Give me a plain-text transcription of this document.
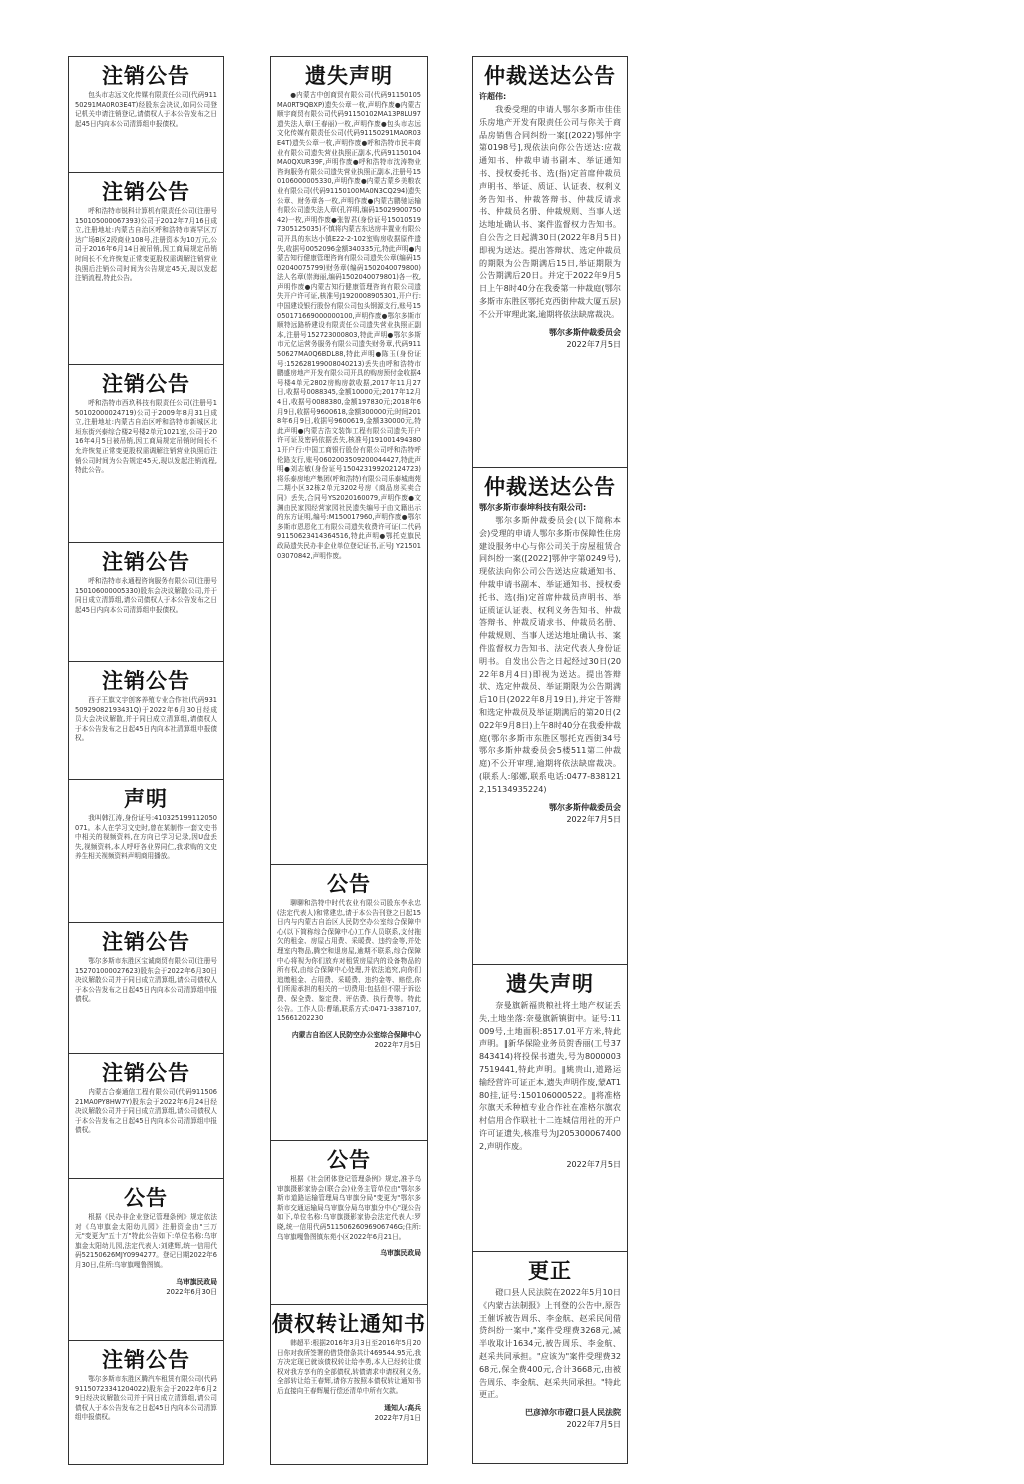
注销公告

包头市志远文化传媒有限责任公司(代码91150291MA0R03E4T)经股东会决议,如同公司登记机关申请注销登记,请债权人于本公告发布之日起45日内向本公司清算组申报债权。

注销公告

呼和浩特市锐科计算机有限责任公司(注册号150105000067393)公司于2012年7月16日成立,注册地址:内蒙古自治区呼和浩特市赛罕区万达广场B区2段商业108号,注册资本为10万元,公司于2016年6月14日被吊销,因工商局规定吊销时间长不允许恢复正常变更股权需调解注销营业执照后注销公司时间为公告规定45天,现以发起注销流程,特此公告。

注销公告

呼和浩特市西玖科技有限责任公司(注册号150102000024719)公司于2009年8月31日成立,注册地址:内蒙古自治区呼和浩特市新城区北垣东街兴泰综合楼2号楼2单元1021室,公司于2016年4月5日被吊销,因工商局规定吊销时间长不允许恢复正常变更股权需调解注销营业执照后注销公司时间为公告规定45天,现以发起注销流程,特此公告。

注销公告

呼和浩特市永通程咨询服务有限公司(注册号150106000005330)股东会决议解散公司,并于同日成立清算组,请公司债权人于本公告发布之日起45日内向本公司清算组申报债权。

注销公告

西子王旗文宇创客养殖专业合作社(代码93150929082193431Q)于2022年6月30日经成员大会决议解散,并于同日成立清算组,请债权人于本公告发布之日起45日内向本社清算组申报债权。

声明

我叫韩江涛,身份证号:410325199112050071。本人在学习文史时,曾在某制作一套文史书中相关的视频资料,在方向已学习记录,因U盘丢失,视频资料,本人呼吁各业界同仁,我求购的文史养生相关视频资料声明商用播放。

注销公告

鄂尔多斯市东胜区宝诚商贸有限公司(注册号152701000027623)股东会于2022年6月30日决议解散公司并于同日成立清算组,请公司债权人于本公告发布之日起45日内向本公司清算组申报债权。

注销公告

内蒙古合泰通信工程有限公司(代码91150621MA0PY8HW7Y)股东会于2022年6月24日经决议解散公司并于同日成立清算组,请公司债权人于本公告发布之日起45日内向本公司清算组申报债权。

公告

根据《民办非企业登记管理条例》规定依法对《乌审旗金太阳幼儿园》注册资金由"三万元"变更为"五十万"特此公告如下:单位名称:乌审旗金太阳幼儿园,法定代表人:刘建辉,统一信用代码52150626MJY0994277。登记日期2022年6月30日,住所:乌审旗嘎鲁图镇。

乌审旗民政局
2022年6月30日
注销公告

鄂尔多斯市东胜区腾汽车租赁有限公司(代码91150723341204022)股东会于2022年6月29日经决议解散公司并于同日成立清算组,请公司债权人于本公告发布之日起45日内向本公司清算组申报债权。

遗失声明

●内蒙古中创商贸有限公司(代码91150105MA0RT9QBXP)遗失公章一枚,声明作废●内蒙古顺宇商贸有限公司代码91150102MA13P8LU97遗失法人章(王春丽)一枚,声明作废●包头市志远文化传媒有限责任公司(代码91150291MA0R03E4T)遗失公章一枚,声明作废●呼和浩特市民丰商业有限公司遗失营业执照正副本,代码91150104MA0QXUR39F,声明作废●呼和浩特市沈涛物业咨询服务有限公司遗失营业执照正副本,注册号150106000005330,声明作废●内蒙古蒙乡美粮农业有限公司(代码91150100MA0N3CQ294)遗失公章、财务章各一枚,声明作废●内蒙古鹏驰运输有限公司遗失法人章(孔祥明,编码1502990075042)一枚,声明作废●张智君(身份证号150105197305125035)不慎将内蒙古东达房丰置业有限公司开具的东达小镇E22-2-102室购房收据原件遗失,收据号0052096金额340335元,特此声明●内蒙古知行健康管理咨询有限公司遗失公章(编码1502040075799)财务章(编码1502040079800)法人名章(崇海丽,编码1502040079801)各一枚,声明作废●内蒙古知行健康管理咨询有限公司遗失开户许可证,核准号J1920008905301,开户行:中国建设银行股份有限公司包头钢源支行,账号15050171669000000100,声明作废●鄂尔多斯市顺特远路桥建设有限责任公司遗失营业执照正副本,注册号152723000803,特此声明●鄂尔多斯市元亿运营务服务有限公司遗失财务章,代码91150627MA0Q6BDL88,特此声明●陈玉(身份证号:152628199008040213)丢失由呼和浩特市鹏盛房地产开发有限公司开具的购房预付金收据4号楼4单元2802房购房款收据,2017年11月27日,收据号0088345,金额10000元;2017年12月4日,收据号0088380,金额197830元;2018年6月9日,收据号9600618,金额300000元;时间2018年6月9日,收据号9600619,金额330000元,特此声明●内蒙古浩文装饰工程有限公司遗失开户许可证及密码依据丢失,核准号J1910014943801开户行:中国工商银行股份有限公司呼和浩特呼伦路支行,账号0602003509200044427,特此声明●刘志敏(身份证号150423199202124723)将乐泰房地产集团(呼和浩特)有限公司乐泰城南苑二期小区32栋2单元3202号房《商品房买卖合同》丢失,合同号YS2020160079,声明作废●文渊由民家园经营家园社民遗失编号于由文籍出示的东方证明,编号:M150017960,声明作废●鄂尔多斯市恩恩化工有限公司遗失收费许可证(二代码91150623414364516,特此声明●鄂托克旗民政局遗失民办非企业单位登记证书,正号J Y2150103070842,声明作废。

公告

聊聊和浩特中时代农业有限公司股东李永忠(法定代表人)和常建忠,请于本公告刊登之日起15日内与内蒙古自治区人民防空办公室综合保障中心(以下简称综合保障中心)工作人员联系,支付拖欠的租金、房屋占用费、采暖费、违约金等,并处理室内物品,腾空和退房屋,逾期不联系,综合保障中心将视为你们放弃对租赁房屋内的设备物品的所有权,由综合保障中心处理,并依法追究,向你们追缴租金、占用费、采暖费、违约金等、赔偿,你们所需承担的相关的一切费用:包括但不限于诉讼费、保全费、鉴定费、评估费、执行费等。特此公告。工作人员:曹璠,联系方式:0471-3387107,15661202230

内蒙古自治区人民防空办公室综合保障中心
2022年7月5日
公告

根据《社会团体登记管理条例》规定,准予乌审旗摄影家协会(联合会)业务主管单位由"鄂尔多斯市道路运输管理局乌审旗分局"变更为"鄂尔多斯市交通运输局乌审旗分局乌审旗分中心"现公告如下,单位名称:乌审旗摄影家协会法定代表人:罗晓,统一信用代码51150626096906746G;住所:乌审旗嘎鲁图镇东苑小区2022年6月21日。

乌审旗民政局
债权转让通知书

韩超平:根据2016年3月3日至2016年5月20日你对我所签署的借贷借条共计469544.95元,我方决定现已就该债权转让给李勇,本人已经转让债权对我方享有的全部债权,转债请求申请权利义务,全部转让给王春辉,请你方按照本债权转让通知书后直接向王春辉履行偿还清单中所有欠款。

通知人:高兵
2022年7月1日
仲裁送达公告
许超伟:

我委受理的申请人鄂尔多斯市佳佳乐房地产开发有限责任公司与你关于商品房销售合同纠纷一案[(2022)鄂仲字第0198号],现依法向你公告送达:应裁通知书、仲裁申请书副本、举证通知书、授权委托书、选(指)定首席仲裁员声明书、举证、质证、认证表、权利义务告知书、仲裁答辩书、仲裁反请求书、仲裁员名册、仲裁规则、当事人送达地址确认书、案件监督权力告知书。自公告之日起满30日(2022年8月5日)即视为送达。提出答辩状、选定仲裁员的期限为公告期满后15日,举证期限为公告期满后20日。并定于2022年9月5日上午8时40分在我委第一仲裁庭(鄂尔多斯市东胜区鄂托克西街仲裁大厦五层)不公开审理此案,逾期将依法缺席裁决。

鄂尔多斯仲裁委员会
2022年7月5日
仲裁送达公告
鄂尔多斯市泰坤科技有限公司:

鄂尔多斯仲裁委员会(以下简称本会)受理的申请人鄂尔多斯市保障性住房建设服务中心与你公司关于房屋租赁合同纠纷一案([2022]鄂仲字第0249号),现依法向你公司公告送达应裁通知书、仲裁申请书副本、举证通知书、授权委托书、选(指)定首席仲裁员声明书、举证质证认证表、权利义务告知书、仲裁答辩书、仲裁反请求书、仲裁员名册、仲裁规则、当事人送达地址确认书、案件监督权力告知书、法定代表人身份证明书。自发出公告之日起经过30日(2022年8月4日)即视为送达。提出答辩状、选定仲裁员、举证期限为公告期满后10日(2022年8月19日),并定于答辩和选定仲裁员及举证期满后的第20日(2022年9月8日)上午8时40分在我委仲裁庭(鄂尔多斯市东胜区鄂托克西街34号鄂尔多斯仲裁委员会5楼511第二仲裁庭)不公开审理,逾期将依法缺席裁决。(联系人:邬娜,联系电话:0477-8381212,15134935224)

鄂尔多斯仲裁委员会
2022年7月5日
遗失声明

奈曼旗新福贵粮社将土地产权证丢失,土地坐落:奈曼旗新镇街中。证号:11009号,土地面积:8517.01平方米,特此声明。‖新华保险业务员贺香丽(工号37843414)将投保书遗失,号为80000037519441,特此声明。‖姚贵山,道路运输经营许可证正本,遗失声明作废,蒙AT180挂,证号:150106000522。‖将准格尔旗天禾种植专业合作社在准格尔旗农村信用合作联社十二连城信用社的开户许可证遗失,核准号为J2053000674002,声明作废。

2022年7月5日
更正

磴口县人民法院在2022年5月10日《内蒙古法制报》上刊登的公告中,原告王催诉被告周乐、李金航、赵采民间借贷纠纷一案中,"案件受理费3268元,减半收取计1634元,被告周乐、李金航、赵采共同承担。"应该为"案件受理费3268元,保全费400元,合计3668元,由被告周乐、李金航、赵采共同承担。"特此更正。

巴彦淖尔市磴口县人民法院
2022年7月5日
